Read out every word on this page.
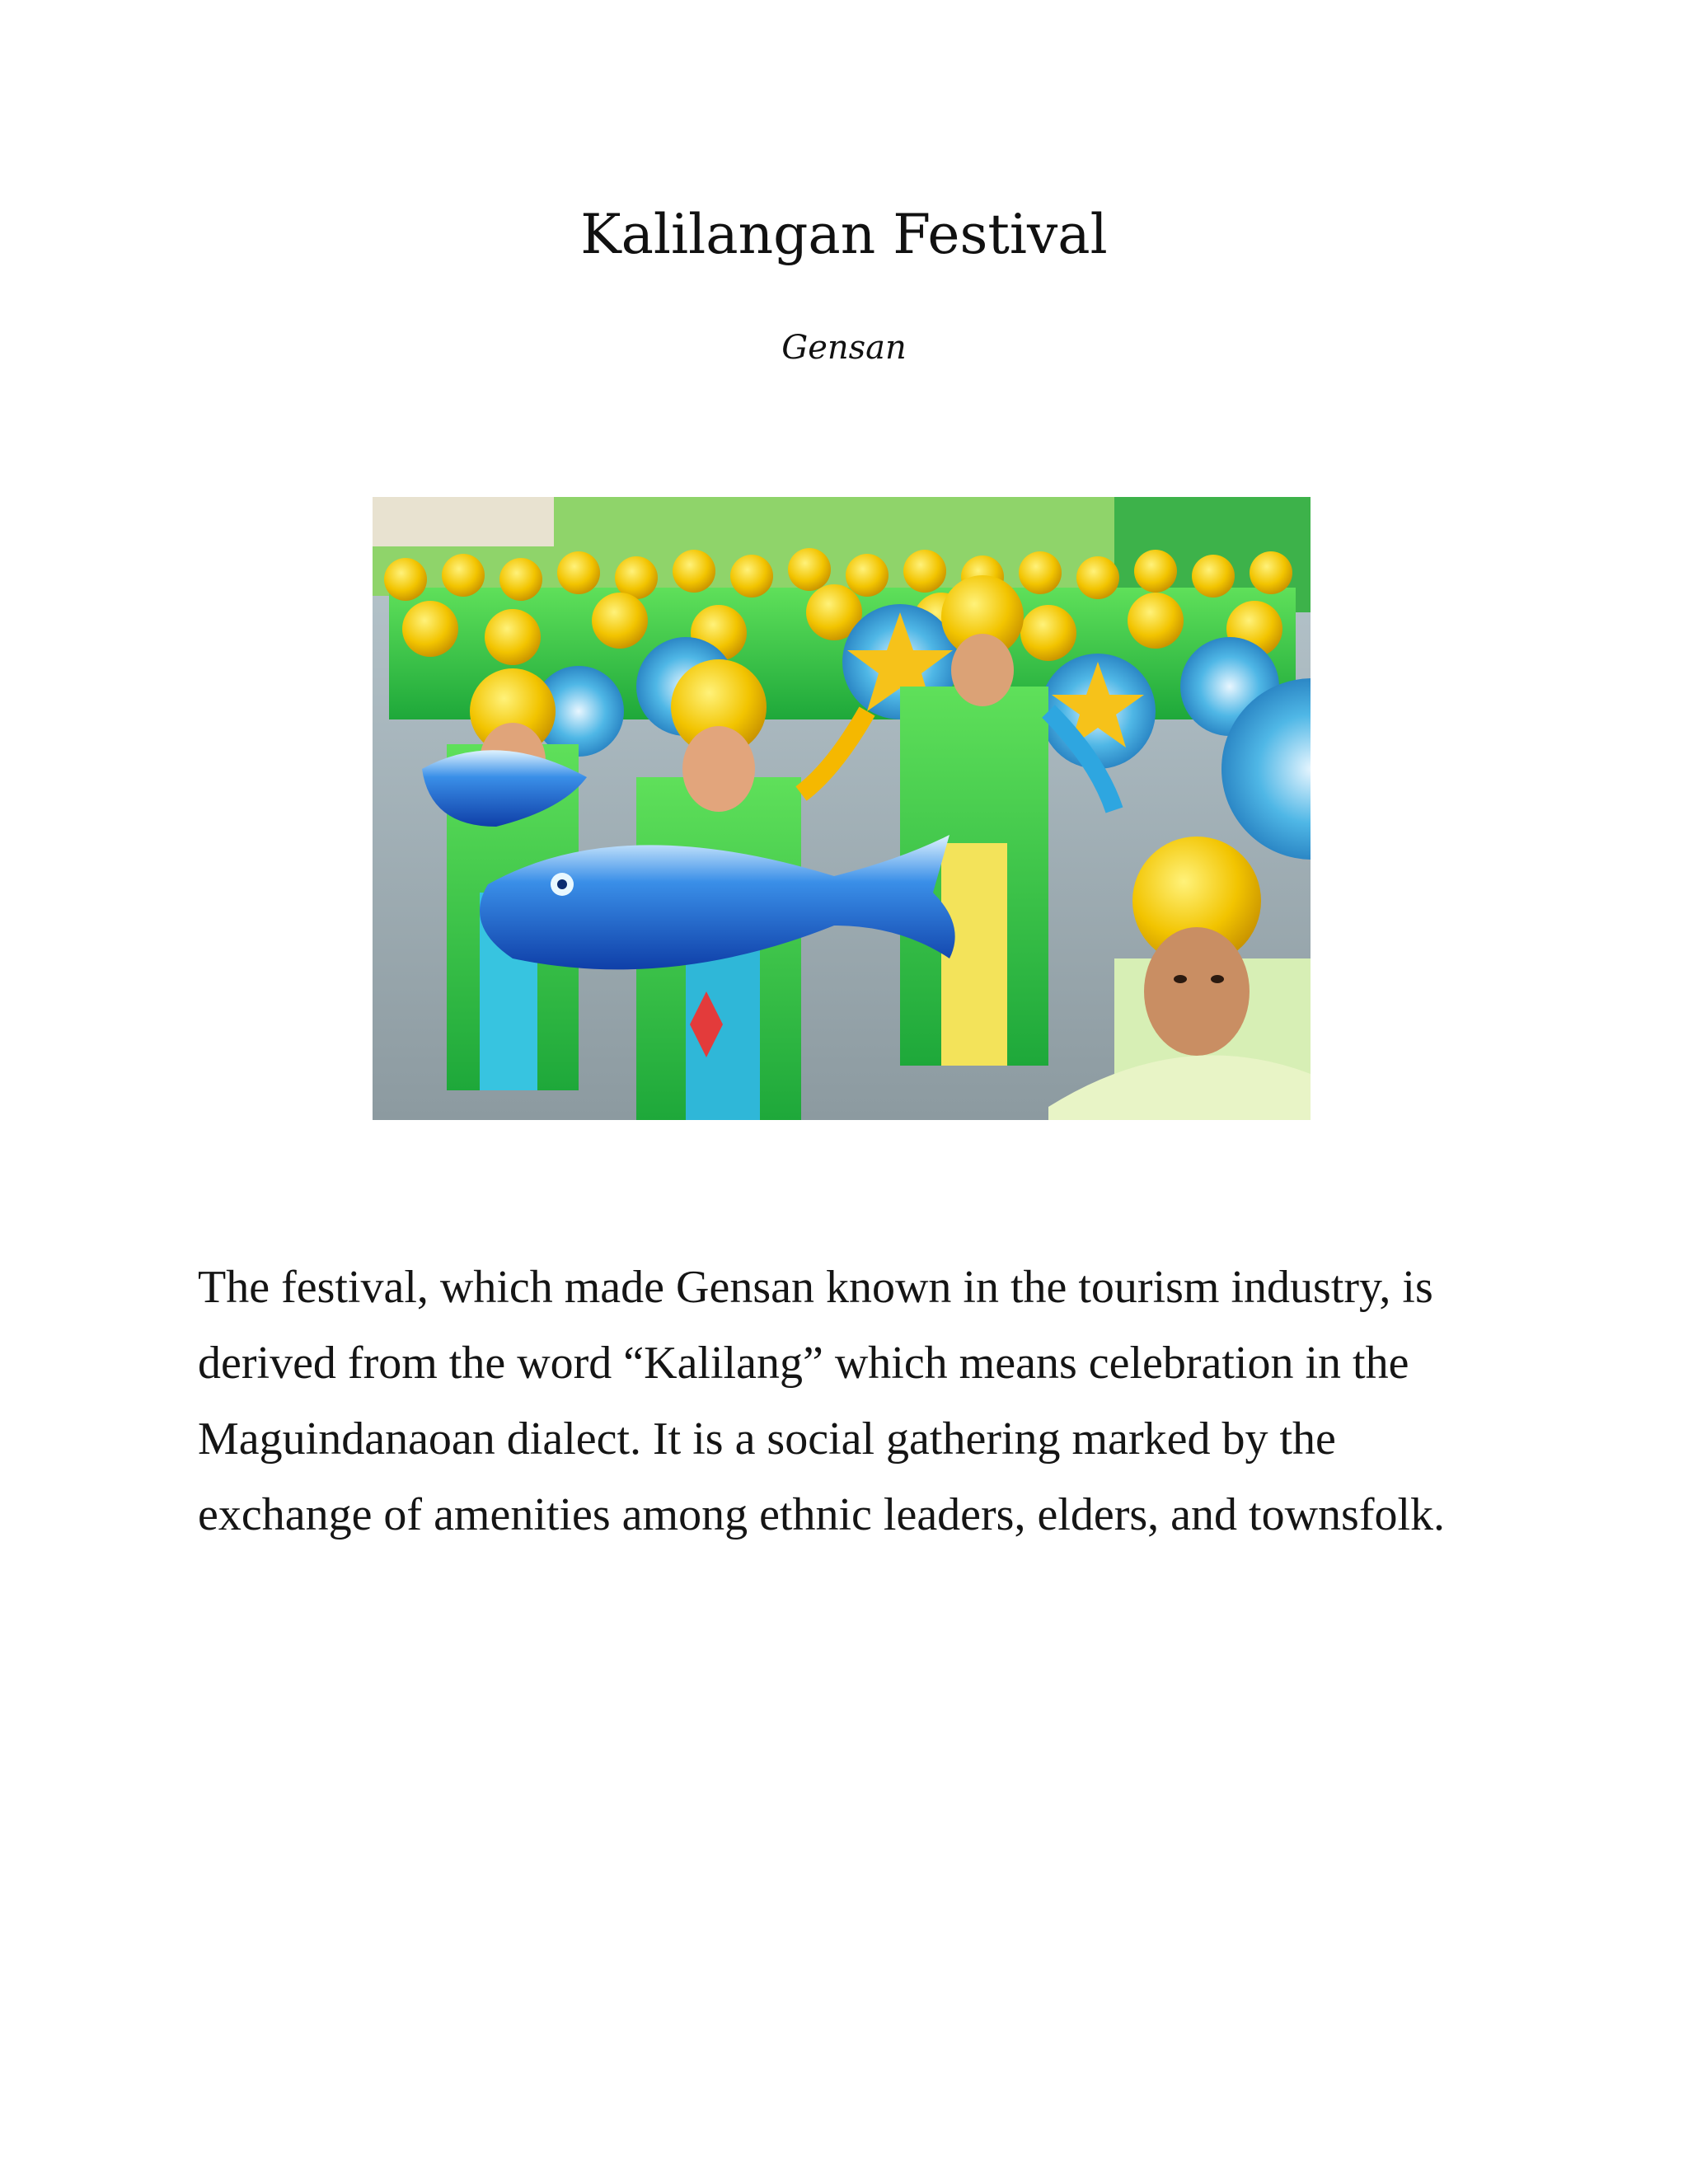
Kalilangan Festival
Gensan

The festival, which made Gensan known in the tourism industry, is derived from the word “Kalilang” which means celebration in the Maguindanaoan dialect. It is a social gathering marked by the exchange of amenities among ethnic leaders, elders, and townsfolk.
